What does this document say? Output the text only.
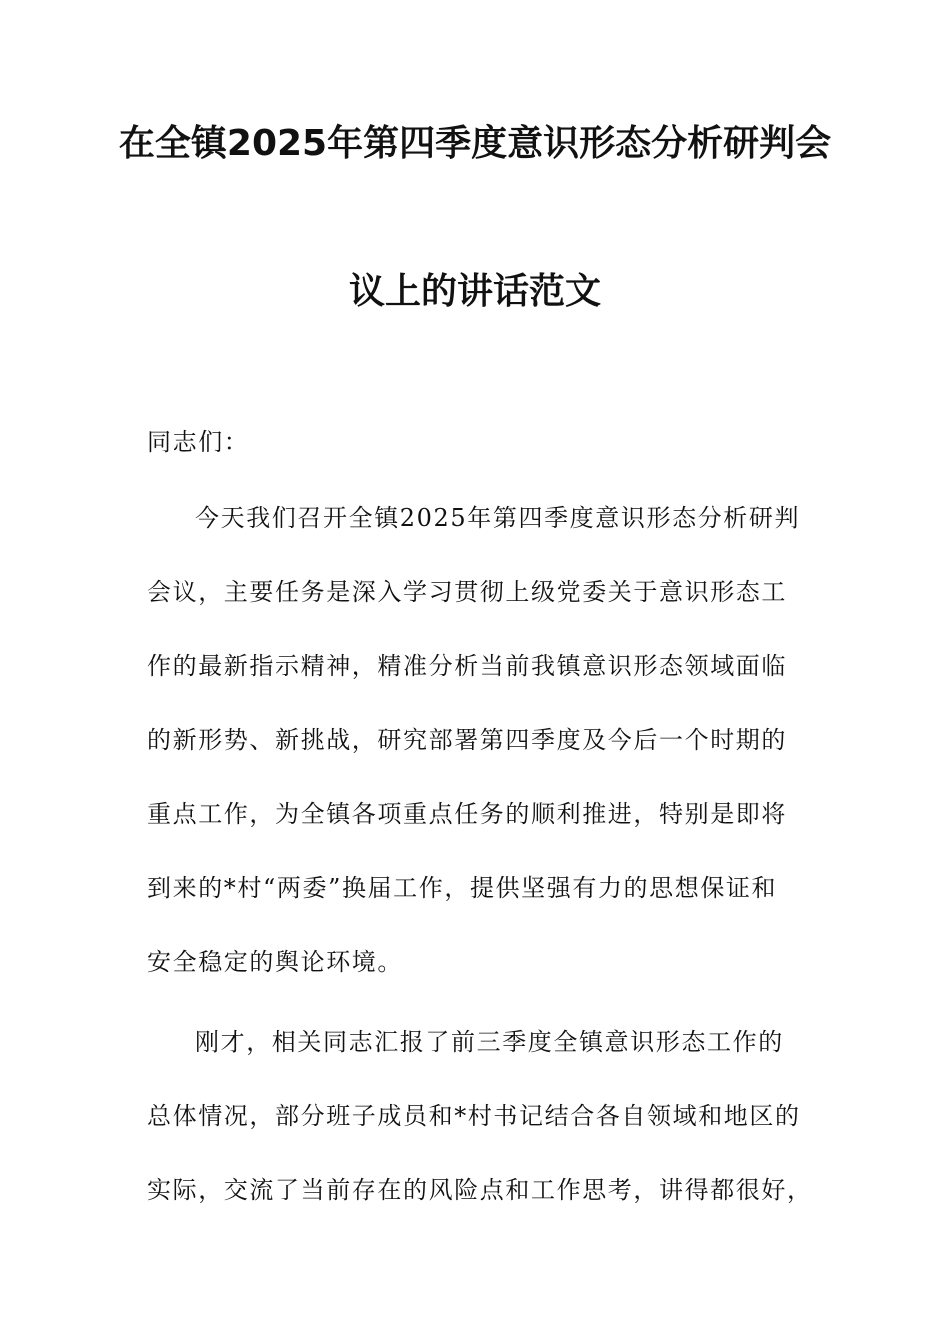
在全镇2025年第四季度意识形态分析研判会
议上的讲话范文
同志们：
今天我们召开全镇2025年第四季度意识形态分析研判
会议，主要任务是深入学习贯彻上级党委关于意识形态工
作的最新指示精神，精准分析当前我镇意识形态领域面临
的新形势、新挑战，研究部署第四季度及今后一个时期的
重点工作，为全镇各项重点任务的顺利推进，特别是即将
到来的*村“两委”换届工作，提供坚强有力的思想保证和
安全稳定的舆论环境。
刚才，相关同志汇报了前三季度全镇意识形态工作的
总体情况，部分班子成员和*村书记结合各自领域和地区的
实际，交流了当前存在的风险点和工作思考，讲得都很好，
